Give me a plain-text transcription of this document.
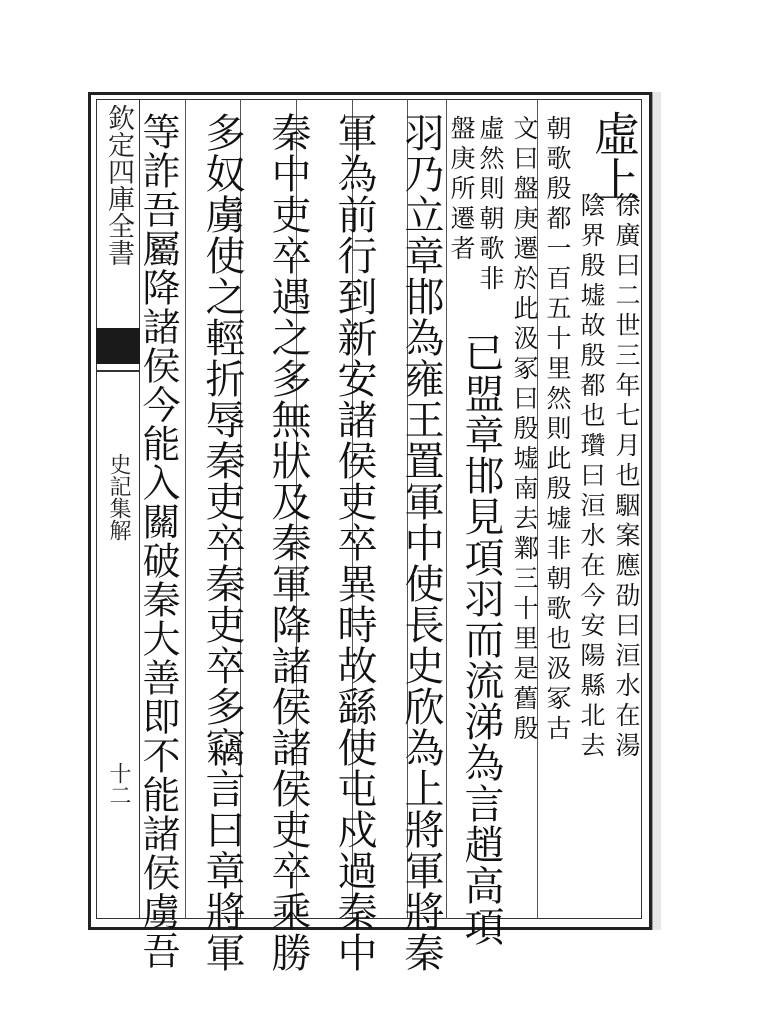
欽定四庫全書
史記集解
十二
虛上
徐廣曰二世三年七月也駰案應劭曰洹水在湯
陰界殷墟故殷都也瓚曰洹水在今安陽縣北去
朝歌殷都一百五十里然則此殷墟非朝歌也汲冢古
文曰盤庚遷於此汲冢曰殷墟南去鄴三十里是舊殷
虛然則朝歌非
已盟章邯見項羽而流涕為言趙高項
盤庚所遷者
羽乃立章邯為雍王置軍中使長史欣為上將軍將秦
軍為前行到新安諸侯吏卒異時故繇使屯戍過秦中
秦中吏卒遇之多無狀及秦軍降諸侯諸侯吏卒乘勝
多奴虜使之輕折辱秦吏卒秦吏卒多竊言曰章將軍
等詐吾屬降諸侯今能入關破秦大善即不能諸侯虜吾
